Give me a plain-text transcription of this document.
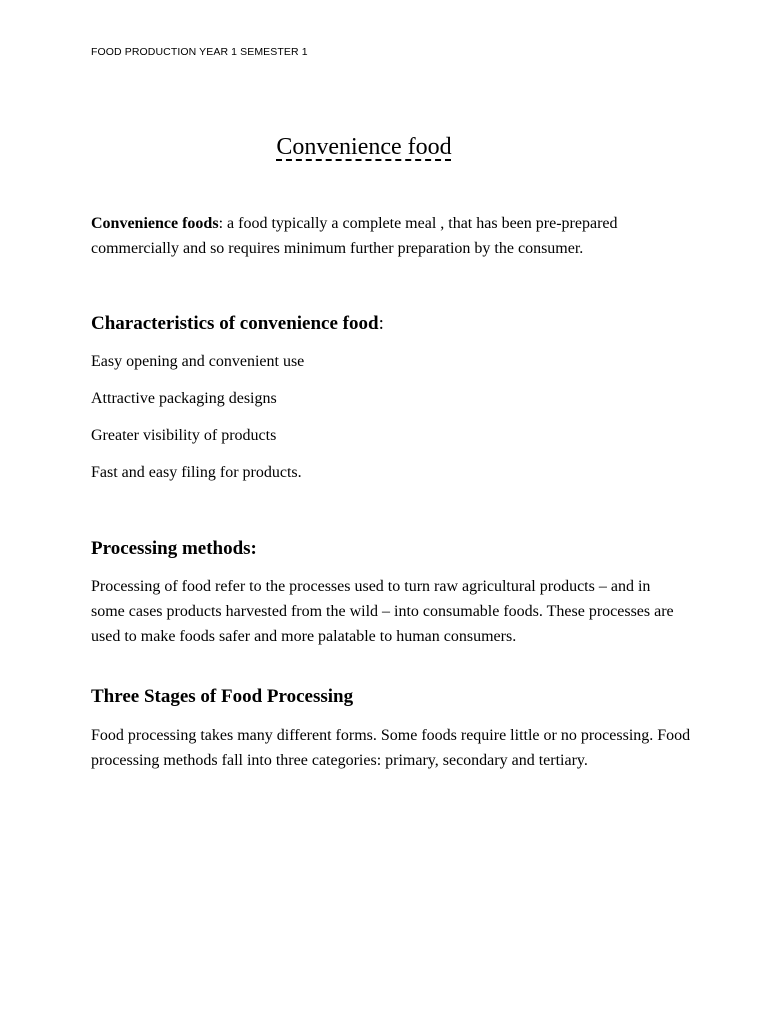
FOOD PRODUCTION YEAR 1 SEMESTER 1
Convenience food
Convenience foods: a food typically a complete meal , that has been pre-prepared commercially and so requires minimum further preparation by the consumer.
Characteristics of convenience food:
Easy opening and convenient use
Attractive packaging designs
Greater visibility of products
Fast and easy filing for products.
Processing methods:
Processing of food refer to the processes used to turn raw agricultural products – and in some cases products harvested from the wild – into consumable foods. These processes are used to make foods safer and more palatable to human consumers.
Three Stages of Food Processing
Food processing takes many different forms. Some foods require little or no processing. Food processing methods fall into three categories: primary, secondary and tertiary.
